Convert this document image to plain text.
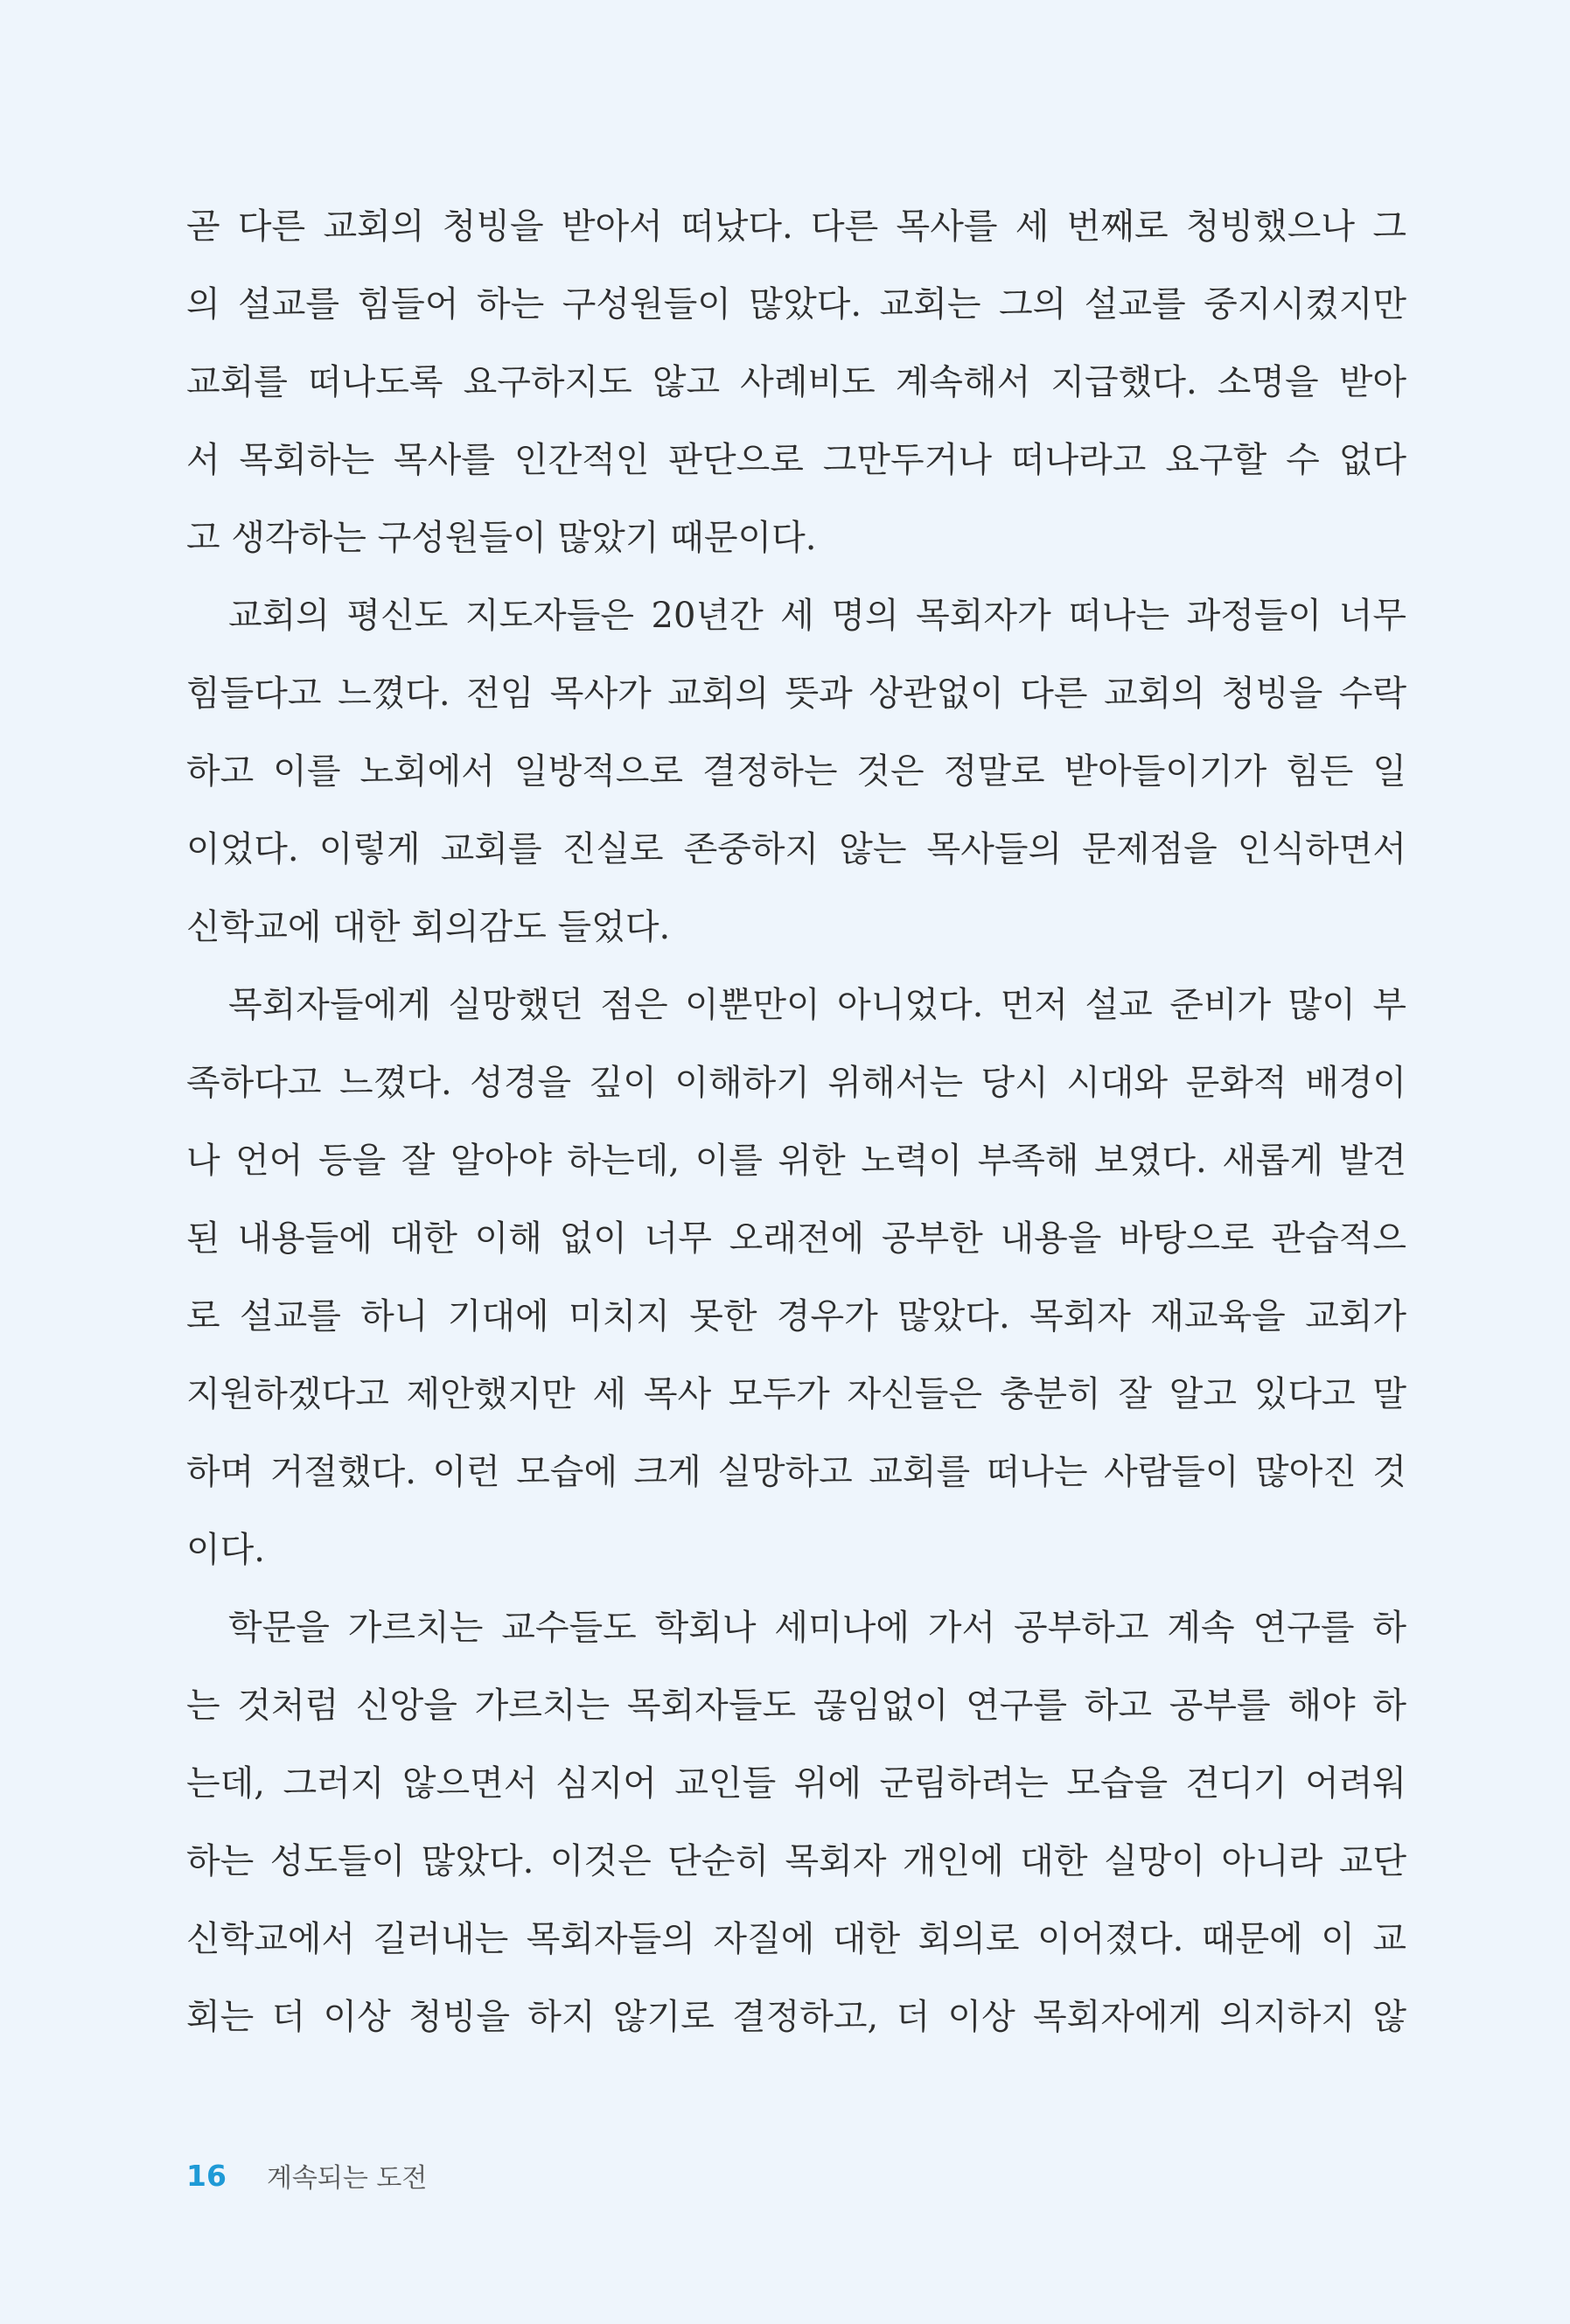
곧 다른 교회의 청빙을 받아서 떠났다. 다른 목사를 세 번째로 청빙했으나 그
의 설교를 힘들어 하는 구성원들이 많았다. 교회는 그의 설교를 중지시켰지만
교회를 떠나도록 요구하지도 않고 사례비도 계속해서 지급했다. 소명을 받아
서 목회하는 목사를 인간적인 판단으로 그만두거나 떠나라고 요구할 수 없다
고 생각하는 구성원들이 많았기 때문이다.
교회의 평신도 지도자들은 20년간 세 명의 목회자가 떠나는 과정들이 너무
힘들다고 느꼈다. 전임 목사가 교회의 뜻과 상관없이 다른 교회의 청빙을 수락
하고 이를 노회에서 일방적으로 결정하는 것은 정말로 받아들이기가 힘든 일
이었다. 이렇게 교회를 진실로 존중하지 않는 목사들의 문제점을 인식하면서
신학교에 대한 회의감도 들었다.
목회자들에게 실망했던 점은 이뿐만이 아니었다. 먼저 설교 준비가 많이 부
족하다고 느꼈다. 성경을 깊이 이해하기 위해서는 당시 시대와 문화적 배경이
나 언어 등을 잘 알아야 하는데, 이를 위한 노력이 부족해 보였다. 새롭게 발견
된 내용들에 대한 이해 없이 너무 오래전에 공부한 내용을 바탕으로 관습적으
로 설교를 하니 기대에 미치지 못한 경우가 많았다. 목회자 재교육을 교회가
지원하겠다고 제안했지만 세 목사 모두가 자신들은 충분히 잘 알고 있다고 말
하며 거절했다. 이런 모습에 크게 실망하고 교회를 떠나는 사람들이 많아진 것
이다.
학문을 가르치는 교수들도 학회나 세미나에 가서 공부하고 계속 연구를 하
는 것처럼 신앙을 가르치는 목회자들도 끊임없이 연구를 하고 공부를 해야 하
는데, 그러지 않으면서 심지어 교인들 위에 군림하려는 모습을 견디기 어려워
하는 성도들이 많았다. 이것은 단순히 목회자 개인에 대한 실망이 아니라 교단
신학교에서 길러내는 목회자들의 자질에 대한 회의로 이어졌다. 때문에 이 교
회는 더 이상 청빙을 하지 않기로 결정하고, 더 이상 목회자에게 의지하지 않
16 계속되는 도전
